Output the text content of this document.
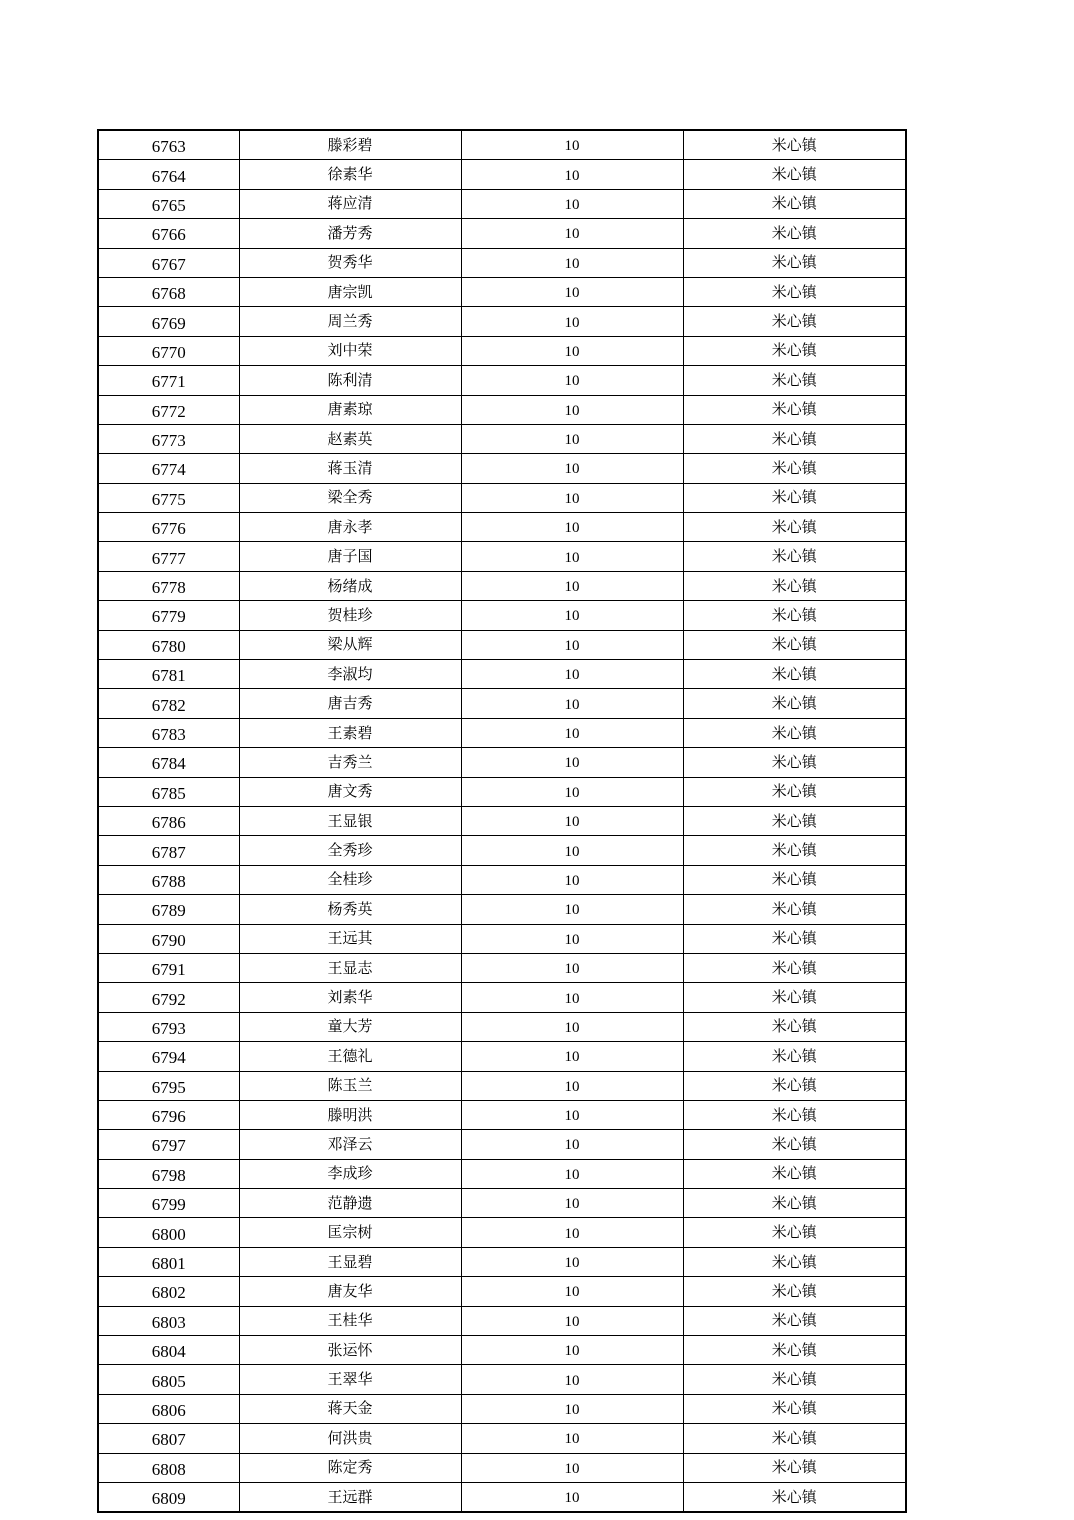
6763	滕彩碧	10	米心镇
6764	徐素华	10	米心镇
6765	蒋应清	10	米心镇
6766	潘芳秀	10	米心镇
6767	贺秀华	10	米心镇
6768	唐宗凯	10	米心镇
6769	周兰秀	10	米心镇
6770	刘中荣	10	米心镇
6771	陈利清	10	米心镇
6772	唐素琼	10	米心镇
6773	赵素英	10	米心镇
6774	蒋玉清	10	米心镇
6775	梁全秀	10	米心镇
6776	唐永孝	10	米心镇
6777	唐子国	10	米心镇
6778	杨绪成	10	米心镇
6779	贺桂珍	10	米心镇
6780	梁从辉	10	米心镇
6781	李淑均	10	米心镇
6782	唐吉秀	10	米心镇
6783	王素碧	10	米心镇
6784	吉秀兰	10	米心镇
6785	唐文秀	10	米心镇
6786	王显银	10	米心镇
6787	全秀珍	10	米心镇
6788	全桂珍	10	米心镇
6789	杨秀英	10	米心镇
6790	王远其	10	米心镇
6791	王显志	10	米心镇
6792	刘素华	10	米心镇
6793	童大芳	10	米心镇
6794	王德礼	10	米心镇
6795	陈玉兰	10	米心镇
6796	滕明洪	10	米心镇
6797	邓泽云	10	米心镇
6798	李成珍	10	米心镇
6799	范静遗	10	米心镇
6800	匡宗树	10	米心镇
6801	王显碧	10	米心镇
6802	唐友华	10	米心镇
6803	王桂华	10	米心镇
6804	张运怀	10	米心镇
6805	王翠华	10	米心镇
6806	蒋天金	10	米心镇
6807	何洪贵	10	米心镇
6808	陈定秀	10	米心镇
6809	王远群	10	米心镇
